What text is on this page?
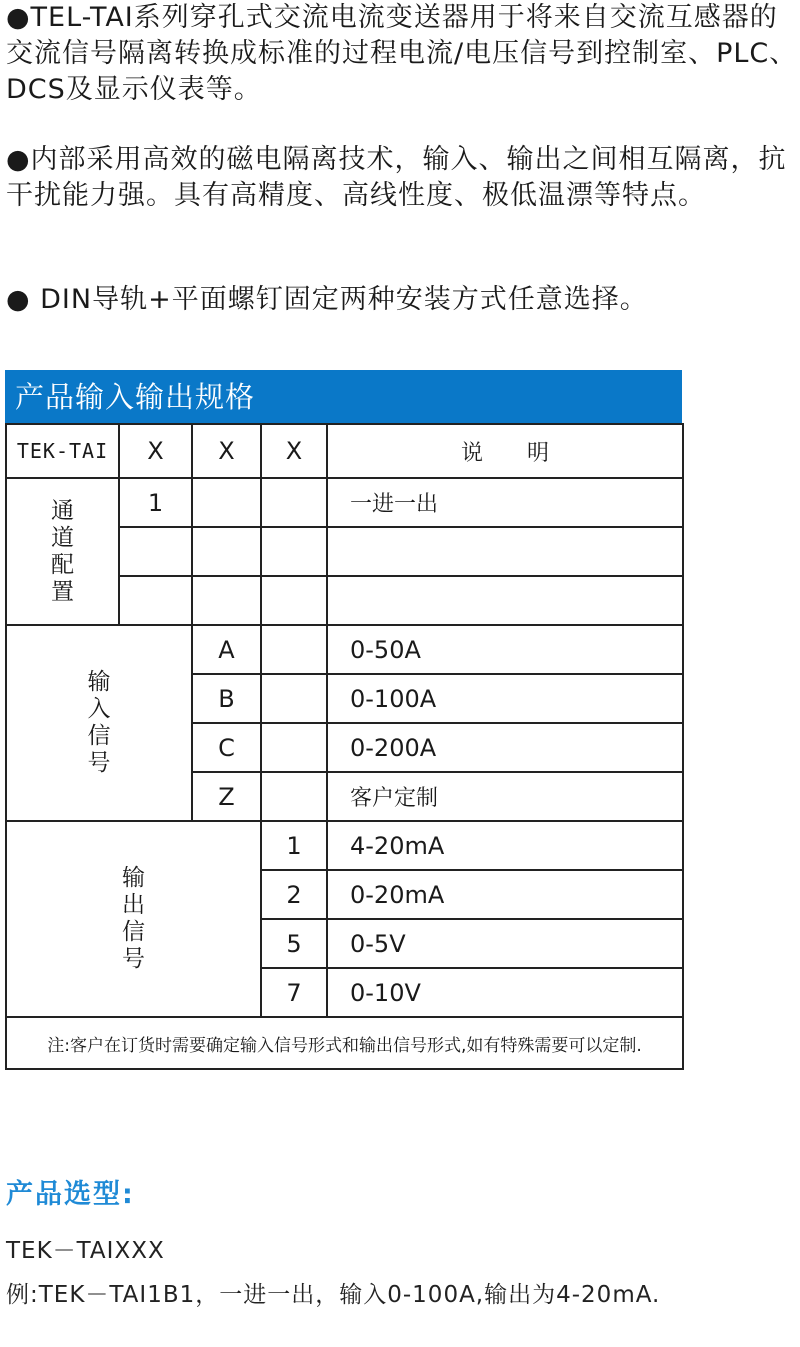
●TEL-TAI系列穿孔式交流电流变送器用于将来自交流互感器的交流信号隔离转换成标准的过程电流/电压信号到控制室、PLC、DCS及显示仪表等。

●内部采用高效的磁电隔离技术，输入、输出之间相互隔离，抗干扰能力强。具有高精度、高线性度、极低温漂等特点。

● DIN导轨+平面螺钉固定两种安装方式任意选择。

产品输入输出规格
TEK-TAI	X	X	X	说　　明

通
道
配
置	1			一进一出

输
入
信
号		A		0-50A
		B		0-100A
		C		0-200A
		Z		客户定制

输
出
信
号			1	4-20mA
			2	0-20mA
			5	0-5V
			7	0-10V
注:客户在订货时需要确定输入信号形式和输出信号形式,如有特殊需要可以定制.				
产品选型:

TEK－TAIXXX

例:TEK－TAI1B1，一进一出，输入0-100A,输出为4-20mA.
